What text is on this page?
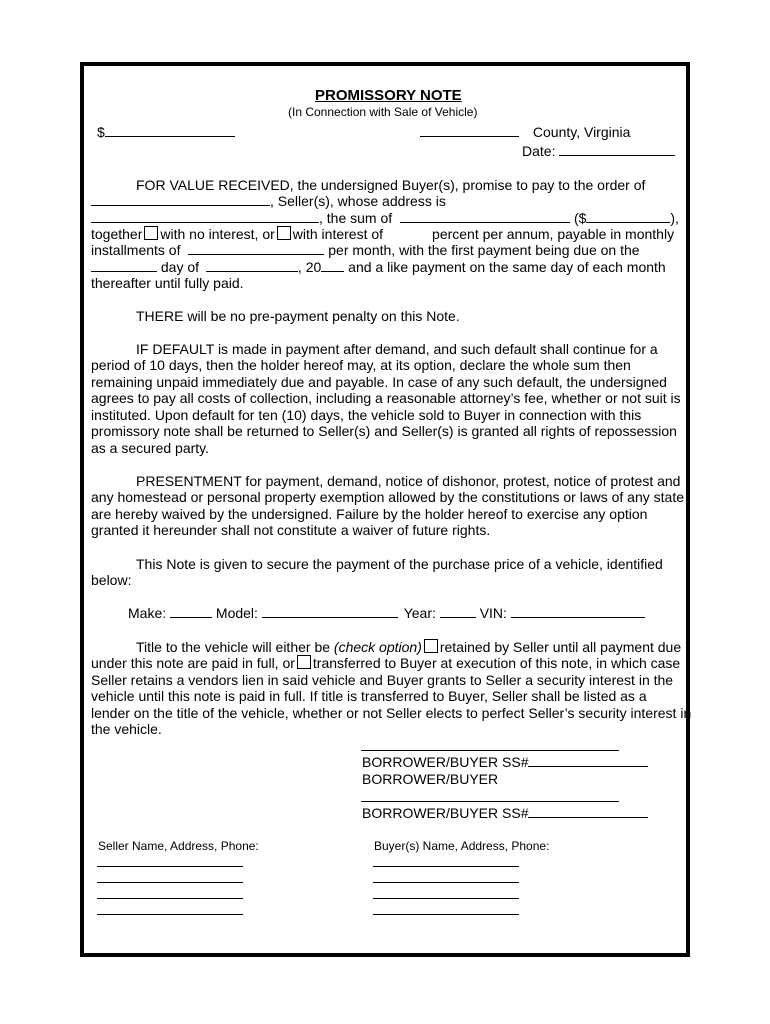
PROMISSORY NOTE
(In Connection with Sale of Vehicle)
$	County, Virginia
Date:
FOR VALUE RECEIVED, the undersigned Buyer(s), promise to pay to the order of
, Seller(s), whose address is
, the sum of	($	),
together with no interest, or with interest of	percent per annum, payable in monthly
installments of	per month, with the first payment being due on the
day of	, 20 and a like payment on the same day of each month
thereafter until fully paid.
THERE will be no pre-payment penalty on this Note.
IF DEFAULT is made in payment after demand, and such default shall continue for a
period of 10 days, then the holder hereof may, at its option, declare the whole sum then
remaining unpaid immediately due and payable. In case of any such default, the undersigned
agrees to pay all costs of collection, including a reasonable attorney’s fee, whether or not suit is
instituted. Upon default for ten (10) days, the vehicle sold to Buyer in connection with this
promissory note shall be returned to Seller(s) and Seller(s) is granted all rights of repossession
as a secured party.
PRESENTMENT for payment, demand, notice of dishonor, protest, notice of protest and
any homestead or personal property exemption allowed by the constitutions or laws of any state
are hereby waived by the undersigned. Failure by the holder hereof to exercise any option
granted it hereunder shall not constitute a waiver of future rights.
This Note is given to secure the payment of the purchase price of a vehicle, identified
below:
Make:	Model:	Year:	VIN:
Title to the vehicle will either be (check option) retained by Seller until all payment due
under this note are paid in full, or transferred to Buyer at execution of this note, in which case
Seller retains a vendors lien in said vehicle and Buyer grants to Seller a security interest in the
vehicle until this note is paid in full. If title is transferred to Buyer, Seller shall be listed as a
lender on the title of the vehicle, whether or not Seller elects to perfect Seller’s security interest in
the vehicle.
BORROWER/BUYER SS#
BORROWER/BUYER
BORROWER/BUYER SS#
Seller Name, Address, Phone:	Buyer(s) Name, Address, Phone:
